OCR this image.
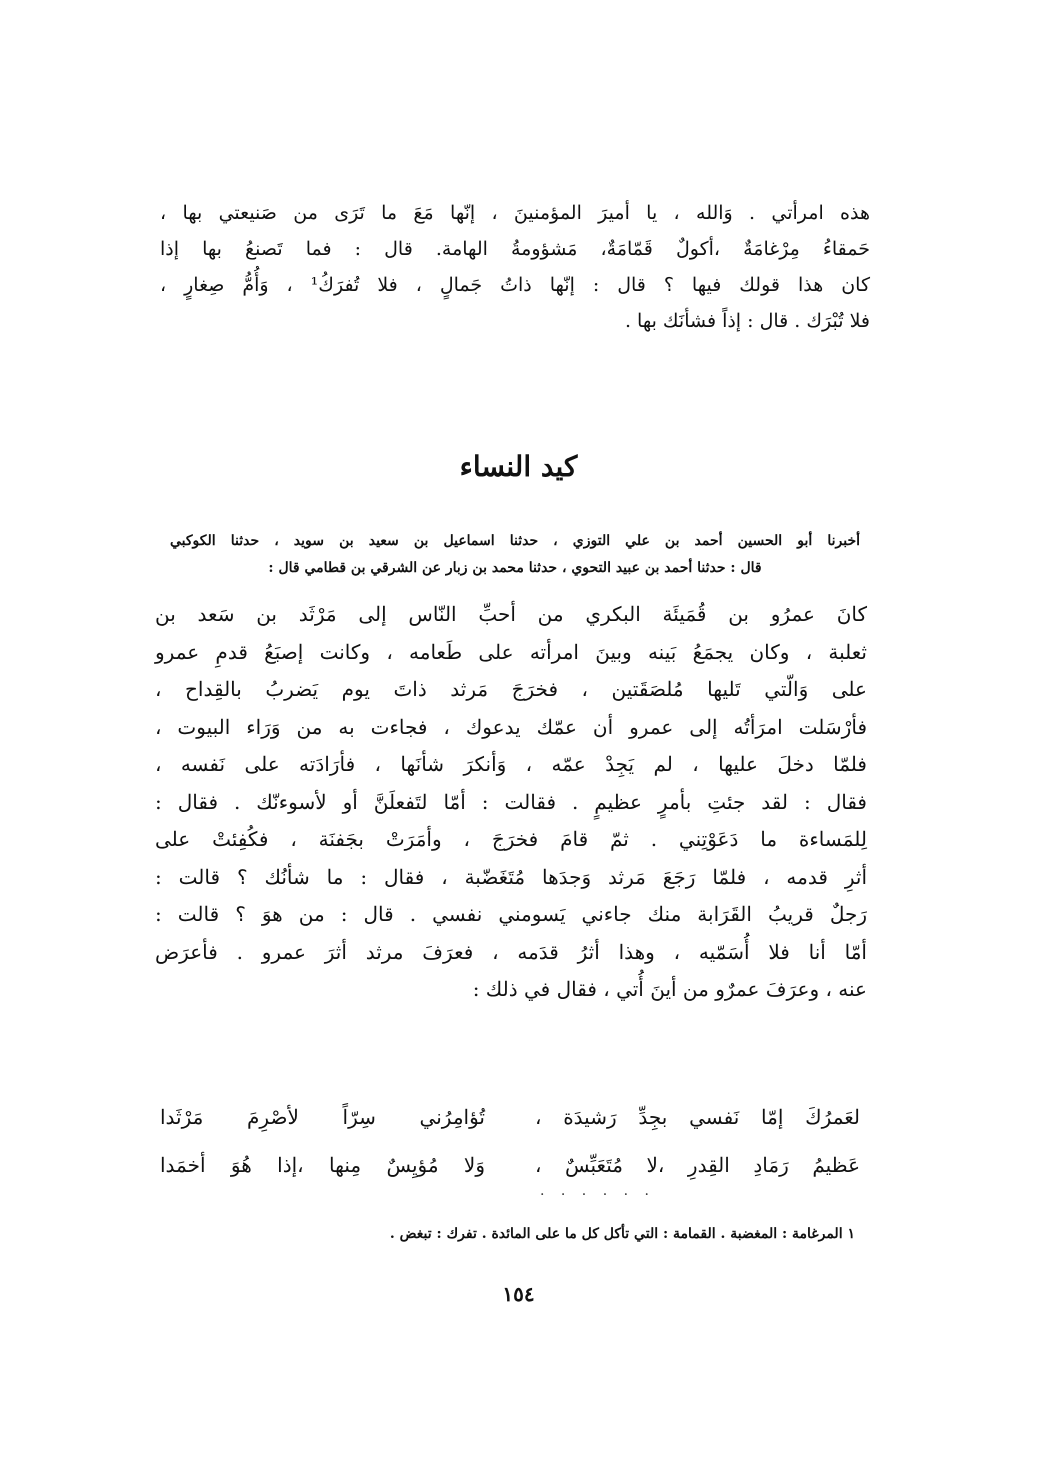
هذه امرأتي . وَالله ، يا أميرَ المؤمنينَ ، إنّها مَعَ ما تَرَى من صَنيعتي بها ،
حَمقاءُ مِرْغامَةٌ ،أكولٌ قَمّامَةٌ، مَشؤومةُ الهامة. قال : فما تَصنعُ بها إذا
كان هذا قولك فيها ؟ قال : إنّها ذاتُ جَمالٍ ، فلا تُفرَكُ¹ ، وَأُمُّ صِغارٍ ،
فلا تُبْرَك . قال : إذاً فشأنَك بها .
كيد النساء
أخبرنا أبو الحسين أحمد بن علي التوزي ، حدثنا اسماعيل بن سعيد بن سويد ، حدثنا الكوكبي
قال : حدثنا أحمد بن عبيد التحوي ، حدثنا محمد بن زبار عن الشرقي بن قطامي قال :
كانَ عمرُو بن قُمَيئَة البكري من أحبِّ النّاس إلى مَرْثَد بن سَعد بن
ثعلبة ، وكان يجمَعُ بَينه وبينَ امرأته على طَعامه ، وكانت إصبَعُ قدمِ عمرو
على وَالّتي تَليها مُلصَقَتين ، فخرَجَ مَرثد ذاتَ يوم يَضربُ بالقِداح ،
فأرْسَلت امرَأتُه إلى عمرو أن عمّك يدعوك ، فجاءت به من وَرَاء البيوت ،
فلمّا دخلَ عليها ، لم يَجِدْ عمّه ، وَأنكرَ شأنَها ، فأرَادَته على نَفسه ،
فقال : لقد جئتِ بأمرٍ عظيمٍ . فقالت : أمّا لتَفعلَنَّ أو لأسوءنّك . فقال :
لِلمَساءة ما دَعَوْتِني . ثمّ قامَ فخرَجَ ، وأمَرَتْ بجَفنَة ، فكُفِئتْ على
أثرِ قدمه ، فلمّا رَجَعَ مَرثد وَجدَها مُتَغَضّبة ، فقال : ما شأنُك ؟ قالت :
رَجلٌ قريبُ القَرَابة منك جاءني يَسومني نفسي . قال : من هوَ ؟ قالت :
أمّا أنا فلا أُسَمّيه ، وهذا أثرُ قدَمه ، فعرَفَ مرثد أثرَ عمرو . فأعرَض
عنه ، وعرَفَ عمرٌو من أينَ أُتي ، فقال في ذلك :
لعَمرُكَ إمّا نَفسي بجِدِّ رَشيدَة ،
تُؤامِرُني سِرّاً لأصْرِمَ مَرْثَدا
عَظيمُ رَمَادِ القِدرِ ،لا مُتَعَبِّسٌ ،
وَلا مُؤيِسٌ مِنها ،إذا هُوَ أخمَدا
. . . . . .
١ المرغامة : المغضبة . القمامة : التي تأكل كل ما على المائدة . تفرك : تبغض .
١٥٤
